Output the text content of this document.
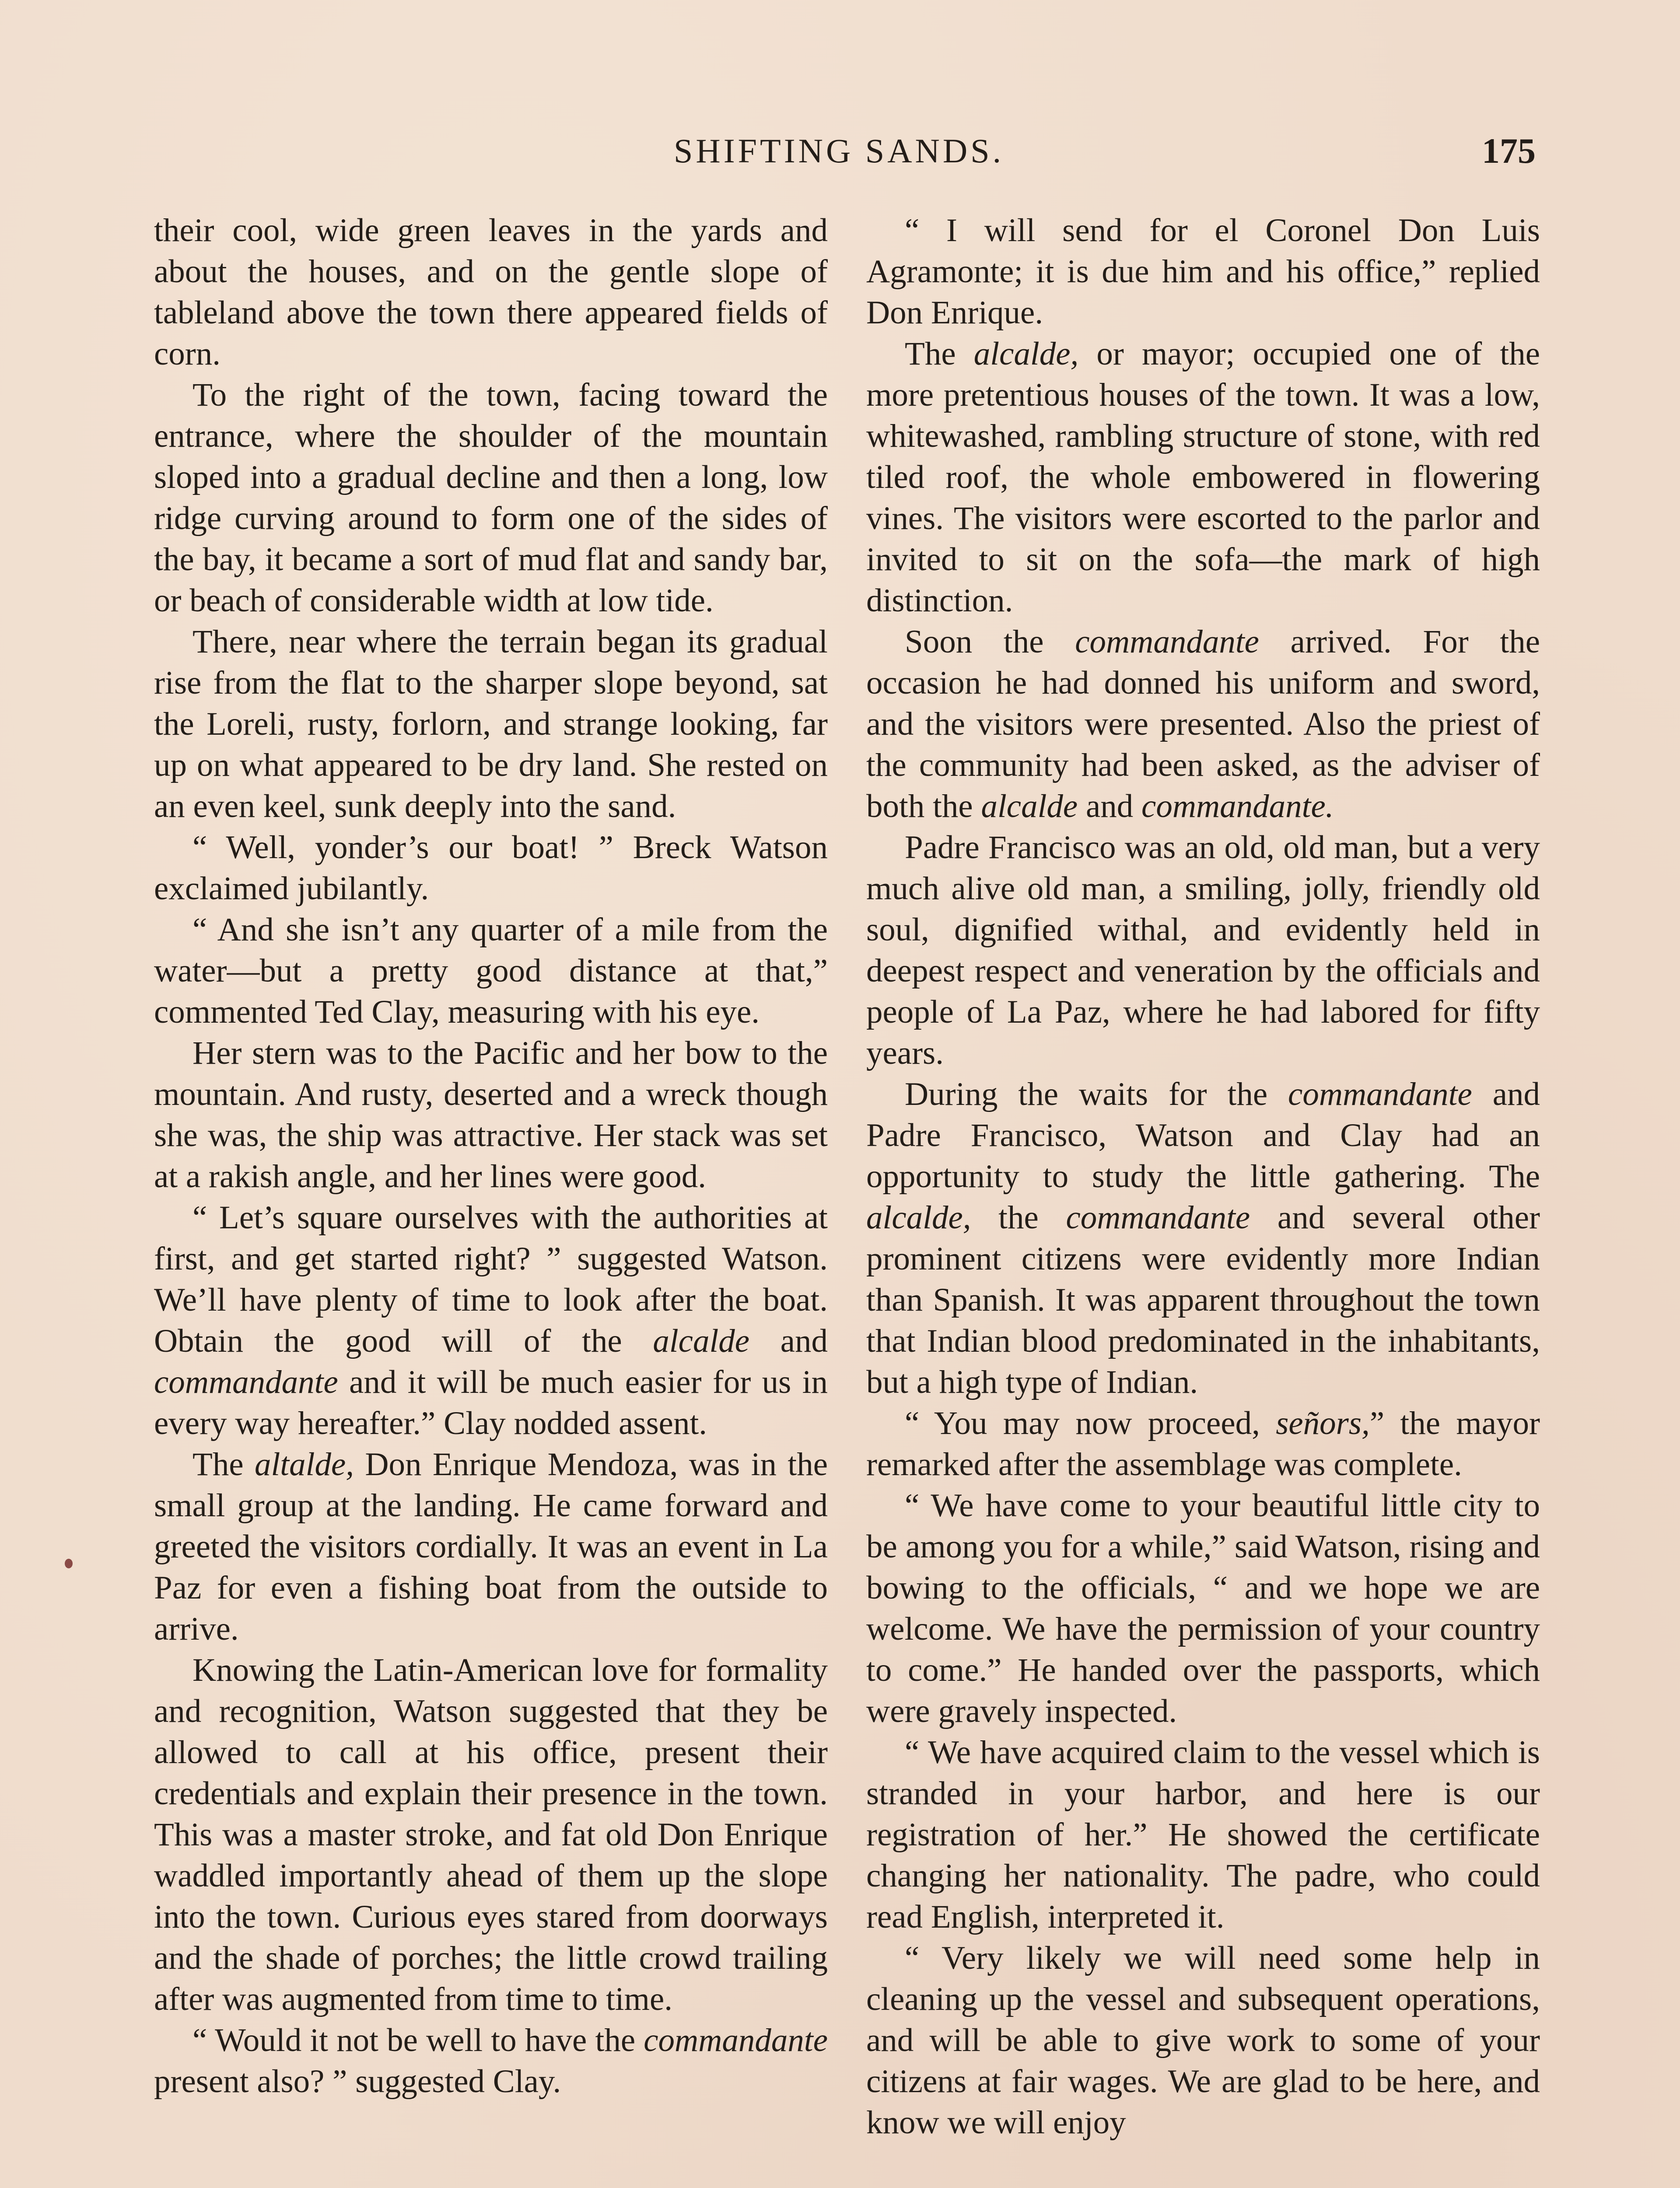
SHIFTING SANDS.	175

their cool, wide green leaves in the yards and about the houses, and on the gentle slope of tableland above the town there appeared fields of corn.

To the right of the town, facing toward the entrance, where the shoulder of the mountain sloped into a gradual decline and then a long, low ridge curving around to form one of the sides of the bay, it became a sort of mud flat and sandy bar, or beach of considerable width at low tide.

There, near where the terrain began its gradual rise from the flat to the sharper slope beyond, sat the Loreli, rusty, forlorn, and strange looking, far up on what appeared to be dry land. She rested on an even keel, sunk deeply into the sand.

“ Well, yonder’s our boat! ” Breck Watson exclaimed jubilantly.

“ And she isn’t any quarter of a mile from the water—but a pretty good distance at that,” commented Ted Clay, measuring with his eye.

Her stern was to the Pacific and her bow to the mountain. And rusty, deserted and a wreck though she was, the ship was attractive. Her stack was set at a rakish angle, and her lines were good.

“ Let’s square ourselves with the authorities at first, and get started right? ” suggested Watson. We’ll have plenty of time to look after the boat. Obtain the good will of the alcalde and commandante and it will be much easier for us in every way hereafter.” Clay nodded assent.

The altalde, Don Enrique Mendoza, was in the small group at the landing. He came forward and greeted the visitors cordially. It was an event in La Paz for even a fishing boat from the outside to arrive.

Knowing the Latin-American love for formality and recognition, Watson suggested that they be allowed to call at his office, present their credentials and explain their presence in the town. This was a master stroke, and fat old Don Enrique waddled importantly ahead of them up the slope into the town. Curious eyes stared from doorways and the shade of porches; the little crowd trailing after was augmented from time to time.

“ Would it not be well to have the commandante present also? ” suggested Clay.

“ I will send for el Coronel Don Luis Agramonte; it is due him and his office,” replied Don Enrique.

The alcalde, or mayor; occupied one of the more pretentious houses of the town. It was a low, whitewashed, rambling structure of stone, with red tiled roof, the whole embowered in flowering vines. The visitors were escorted to the parlor and invited to sit on the sofa—the mark of high distinction.

Soon the commandante arrived. For the occasion he had donned his uniform and sword, and the visitors were presented. Also the priest of the community had been asked, as the adviser of both the alcalde and commandante.

Padre Francisco was an old, old man, but a very much alive old man, a smiling, jolly, friendly old soul, dignified withal, and evidently held in deepest respect and veneration by the officials and people of La Paz, where he had labored for fifty years.

During the waits for the commandante and Padre Francisco, Watson and Clay had an opportunity to study the little gathering. The alcalde, the commandante and several other prominent citizens were evidently more Indian than Spanish. It was apparent throughout the town that Indian blood predominated in the inhabitants, but a high type of Indian.

“ You may now proceed, señors,” the mayor remarked after the assemblage was complete.

“ We have come to your beautiful little city to be among you for a while,” said Watson, rising and bowing to the officials, “ and we hope we are welcome. We have the permission of your country to come.” He handed over the passports, which were gravely inspected.

“ We have acquired claim to the vessel which is stranded in your harbor, and here is our registration of her.” He showed the certificate changing her nationality. The padre, who could read English, interpreted it.

“ Very likely we will need some help in cleaning up the vessel and subsequent operations, and will be able to give work to some of your citizens at fair wages. We are glad to be here, and know we will enjoy
